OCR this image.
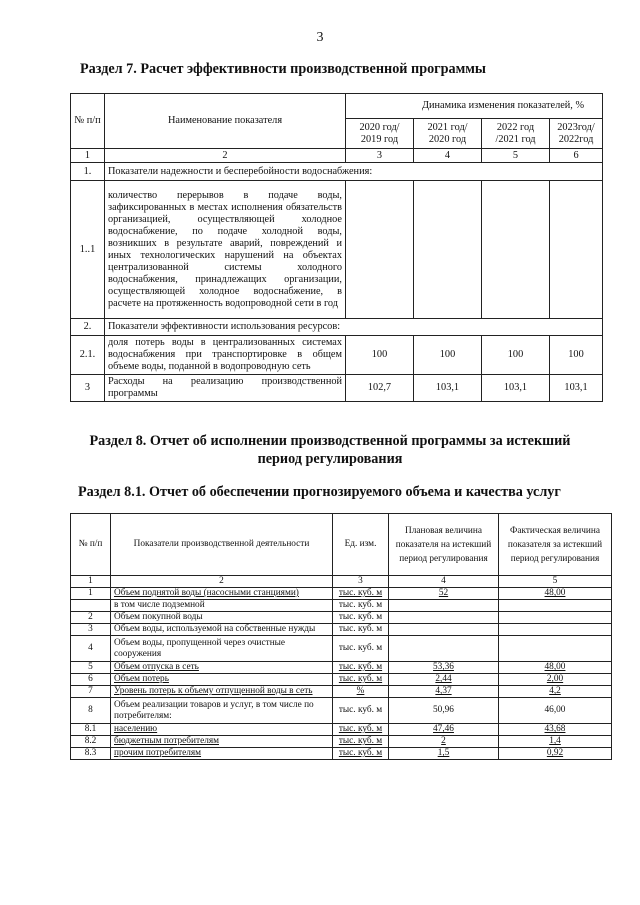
3
Раздел 7. Расчет эффективности производственной программы
№ п/п	Наименование показателя	Динамика изменения показателей, %			
		2020 год/ 2019 год	2021 год/ 2020 год	2022 год /2021 год	2023год/ 2022год
1	2	3	4	5	6
1.	Показатели надежности и бесперебойности водоснабжения:				
1..1	количество перерывов в подаче воды, зафиксированных в местах исполнения обязательств организацией, осуществляющей холодное водоснабжение, по подаче холодной воды, возникших в результате аварий, повреждений и иных технологических нарушений на объектах централизованной системы холодного водоснабжения, принадлежащих организации, осуществляющей холодное водоснабжение, в расчете на протяженность водопроводной сети в год				
2.	Показатели эффективности использования ресурсов:				
2.1.	доля потерь воды в централизованных системах водоснабжения при транспортировке в общем объеме воды, поданной в водопроводную сеть	100	100	100	100
3	Расходы на реализацию производственной программы	102,7	103,1	103,1	103,1
Раздел 8. Отчет об исполнении производственной программы за истекший период регулирования
Раздел 8.1. Отчет об обеспечении прогнозируемого объема и качества услуг
№ п/п	Показатели производственной деятельности	Ед. изм.	Плановая величина показателя на истекший период регулирования	Фактическая величина показателя за истекший период регулирования
1	2	3	4	5
1	Объем поднятой воды (насосными станциями)	тыс. куб. м	52	48,00
	в том числе подземной	тыс. куб. м		
2	Объем покупной воды	тыс. куб. м		
3	Объем воды, используемой на собственные нужды	тыс. куб. м		
4	Объем воды, пропущенной через очистные сооружения	тыс. куб. м		
5	Объем отпуска в сеть	тыс. куб. м	53,36	48,00
6	Объем потерь	тыс. куб. м	2,44	2,00
7	Уровень потерь к объему отпущенной воды в сеть	%	4,37	4,2
8	Объем реализации товаров и услуг, в том числе по потребителям:	тыс. куб. м	50,96	46,00
8.1	населению	тыс. куб. м	47,46	43,68
8.2	бюджетным потребителям	тыс. куб. м	2	1,4
8.3	прочим потребителям	тыс. куб. м	1,5	0,92
